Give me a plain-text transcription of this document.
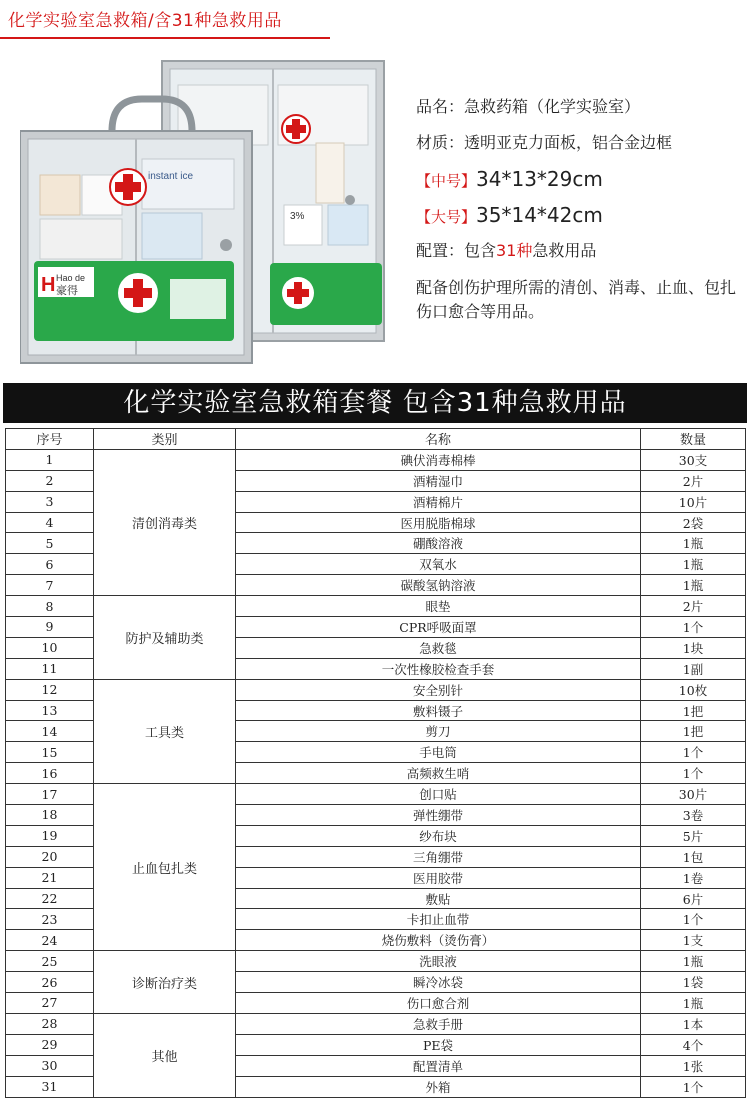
化学实验室急救箱/含31种急救用品
3%
instant ice
H Hao de
豪得
品名：急救药箱（化学实验室）
材质：透明亚克力面板，铝合金边框
【中号】34*13*29cm
【大号】35*14*42cm
配置：包含31种急救用品
配备创伤护理所需的清创、消毒、止血、包扎伤口愈合等用品。
化学实验室急救箱套餐 包含31种急救用品
序号	类别	名称	数量
1	清创消毒类	碘伏消毒棉棒	30支
2		酒精湿巾	2片
3		酒精棉片	10片
4		医用脱脂棉球	2袋
5		硼酸溶液	1瓶
6		双氧水	1瓶
7		碳酸氢钠溶液	1瓶
8	防护及辅助类	眼垫	2片
9		CPR呼吸面罩	1个
10		急救毯	1块
11		一次性橡胶检查手套	1副
12	工具类	安全别针	10枚
13		敷料镊子	1把
14		剪刀	1把
15		手电筒	1个
16		高频救生哨	1个
17	止血包扎类	创口贴	30片
18		弹性绷带	3卷
19		纱布块	5片
20		三角绷带	1包
21		医用胶带	1卷
22		敷贴	6片
23		卡扣止血带	1个
24		烧伤敷料（烫伤膏）	1支
25	诊断治疗类	洗眼液	1瓶
26		瞬冷冰袋	1袋
27		伤口愈合剂	1瓶
28	其他	急救手册	1本
29		PE袋	4个
30		配置清单	1张
31		外箱	1个
